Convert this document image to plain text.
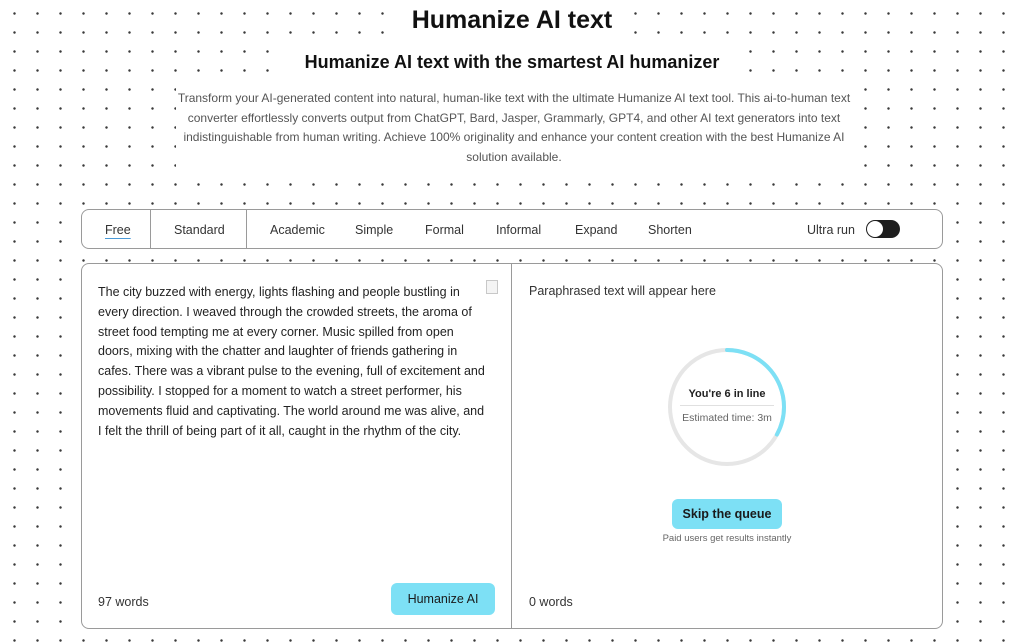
Humanize AI text
Humanize AI text with the smartest AI humanizer
Transform your AI-generated content into natural, human-like text with the ultimate Humanize AI text tool. This ai-to-human text converter effortlessly converts output from ChatGPT, Bard, Jasper, Grammarly, GPT4, and other AI text generators into text indistinguishable from human writing. Achieve 100% originality and enhance your content creation with the best Humanize AI solution available.
Free	Standard	Academic Simple	Formal	Informal	Expand Shorten	Ultra run
The city buzzed with energy, lights flashing and people bustling in every direction. I weaved through the crowded streets, the aroma of street food tempting me at every corner. Music spilled from open doors, mixing with the chatter and laughter of friends gathering in cafes. There was a vibrant pulse to the evening, full of excitement and possibility. I stopped for a moment to watch a street performer, his movements fluid and captivating. The world around me was alive, and I felt the thrill of being part of it all, caught in the rhythm of the city.
97 words	Humanize AI
Paraphrased text will appear here
You're 6 in line
Estimated time: 3m
Skip the queue
Paid users get results instantly
0 words
